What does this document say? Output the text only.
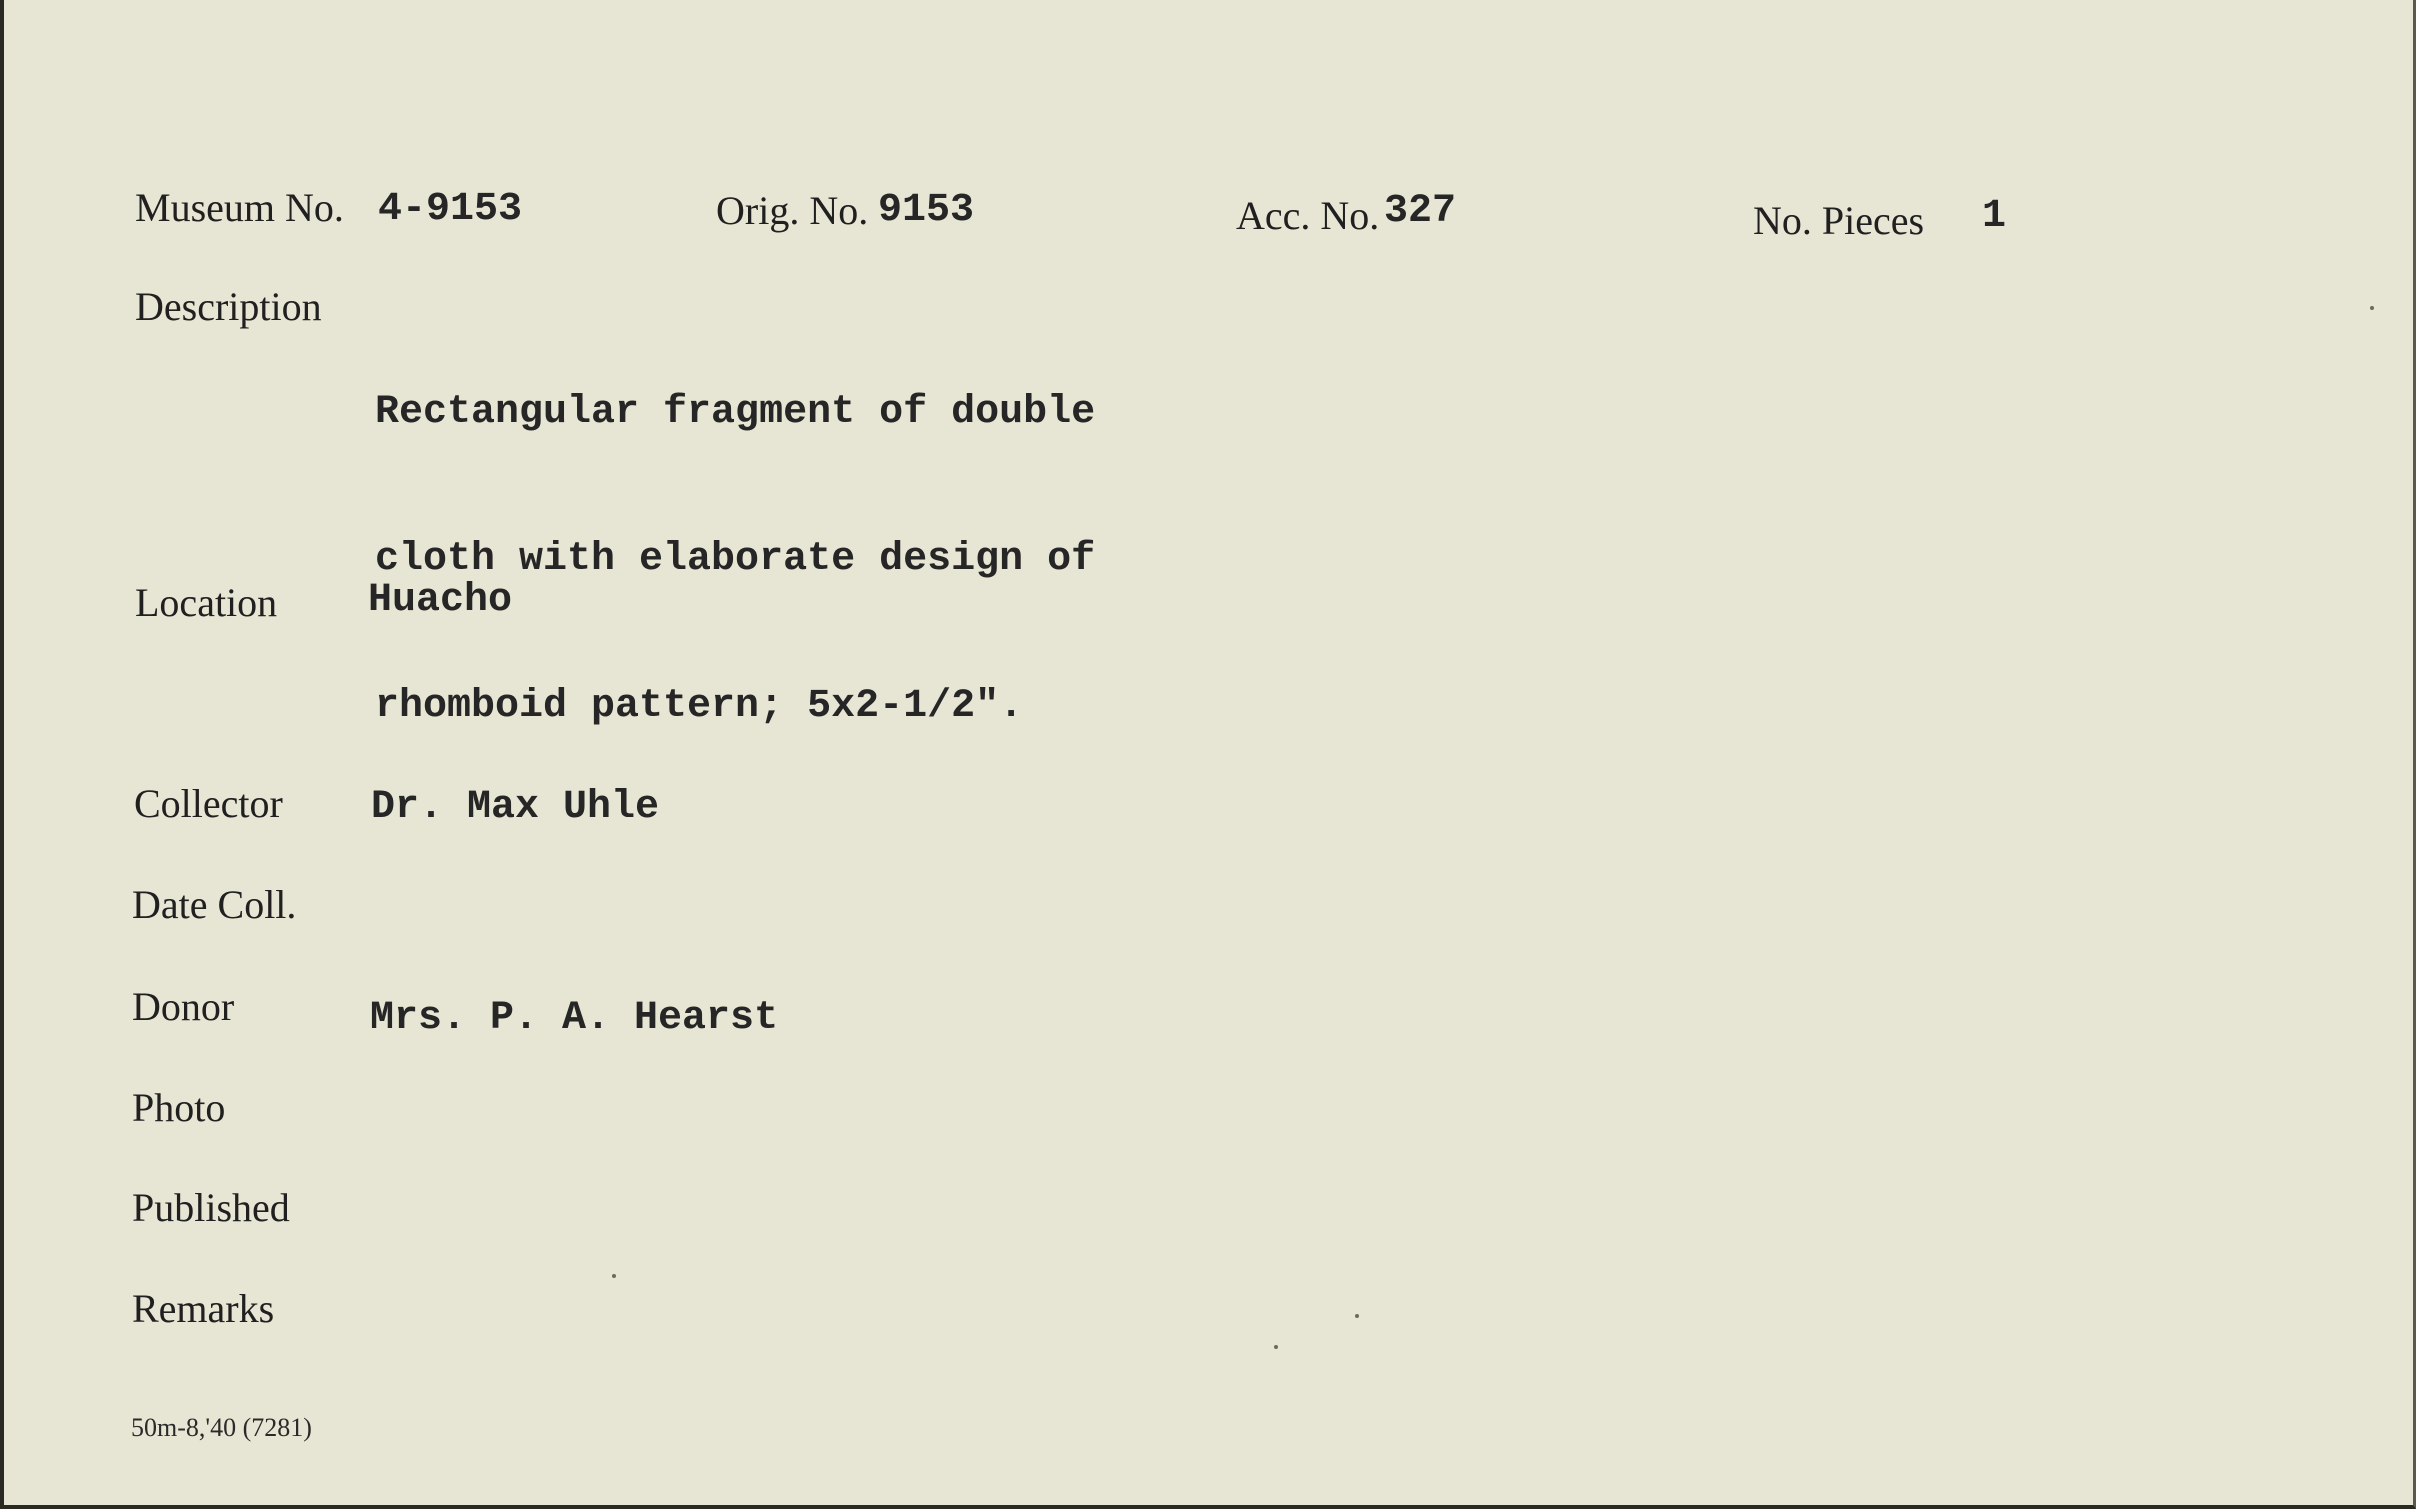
Museum No. 4-9153	Orig. No. 9153	Acc. No. 327	No. Pieces 1
Description

Rectangular fragment of double

cloth with elaborate design of

rhomboid pattern; 5x2-1/2".

Location Huacho
Collector Dr. Max Uhle
Date Coll.
Donor	Mrs. P. A. Hearst
Photo
Published
Remarks
50m-8,'40 (7281)
